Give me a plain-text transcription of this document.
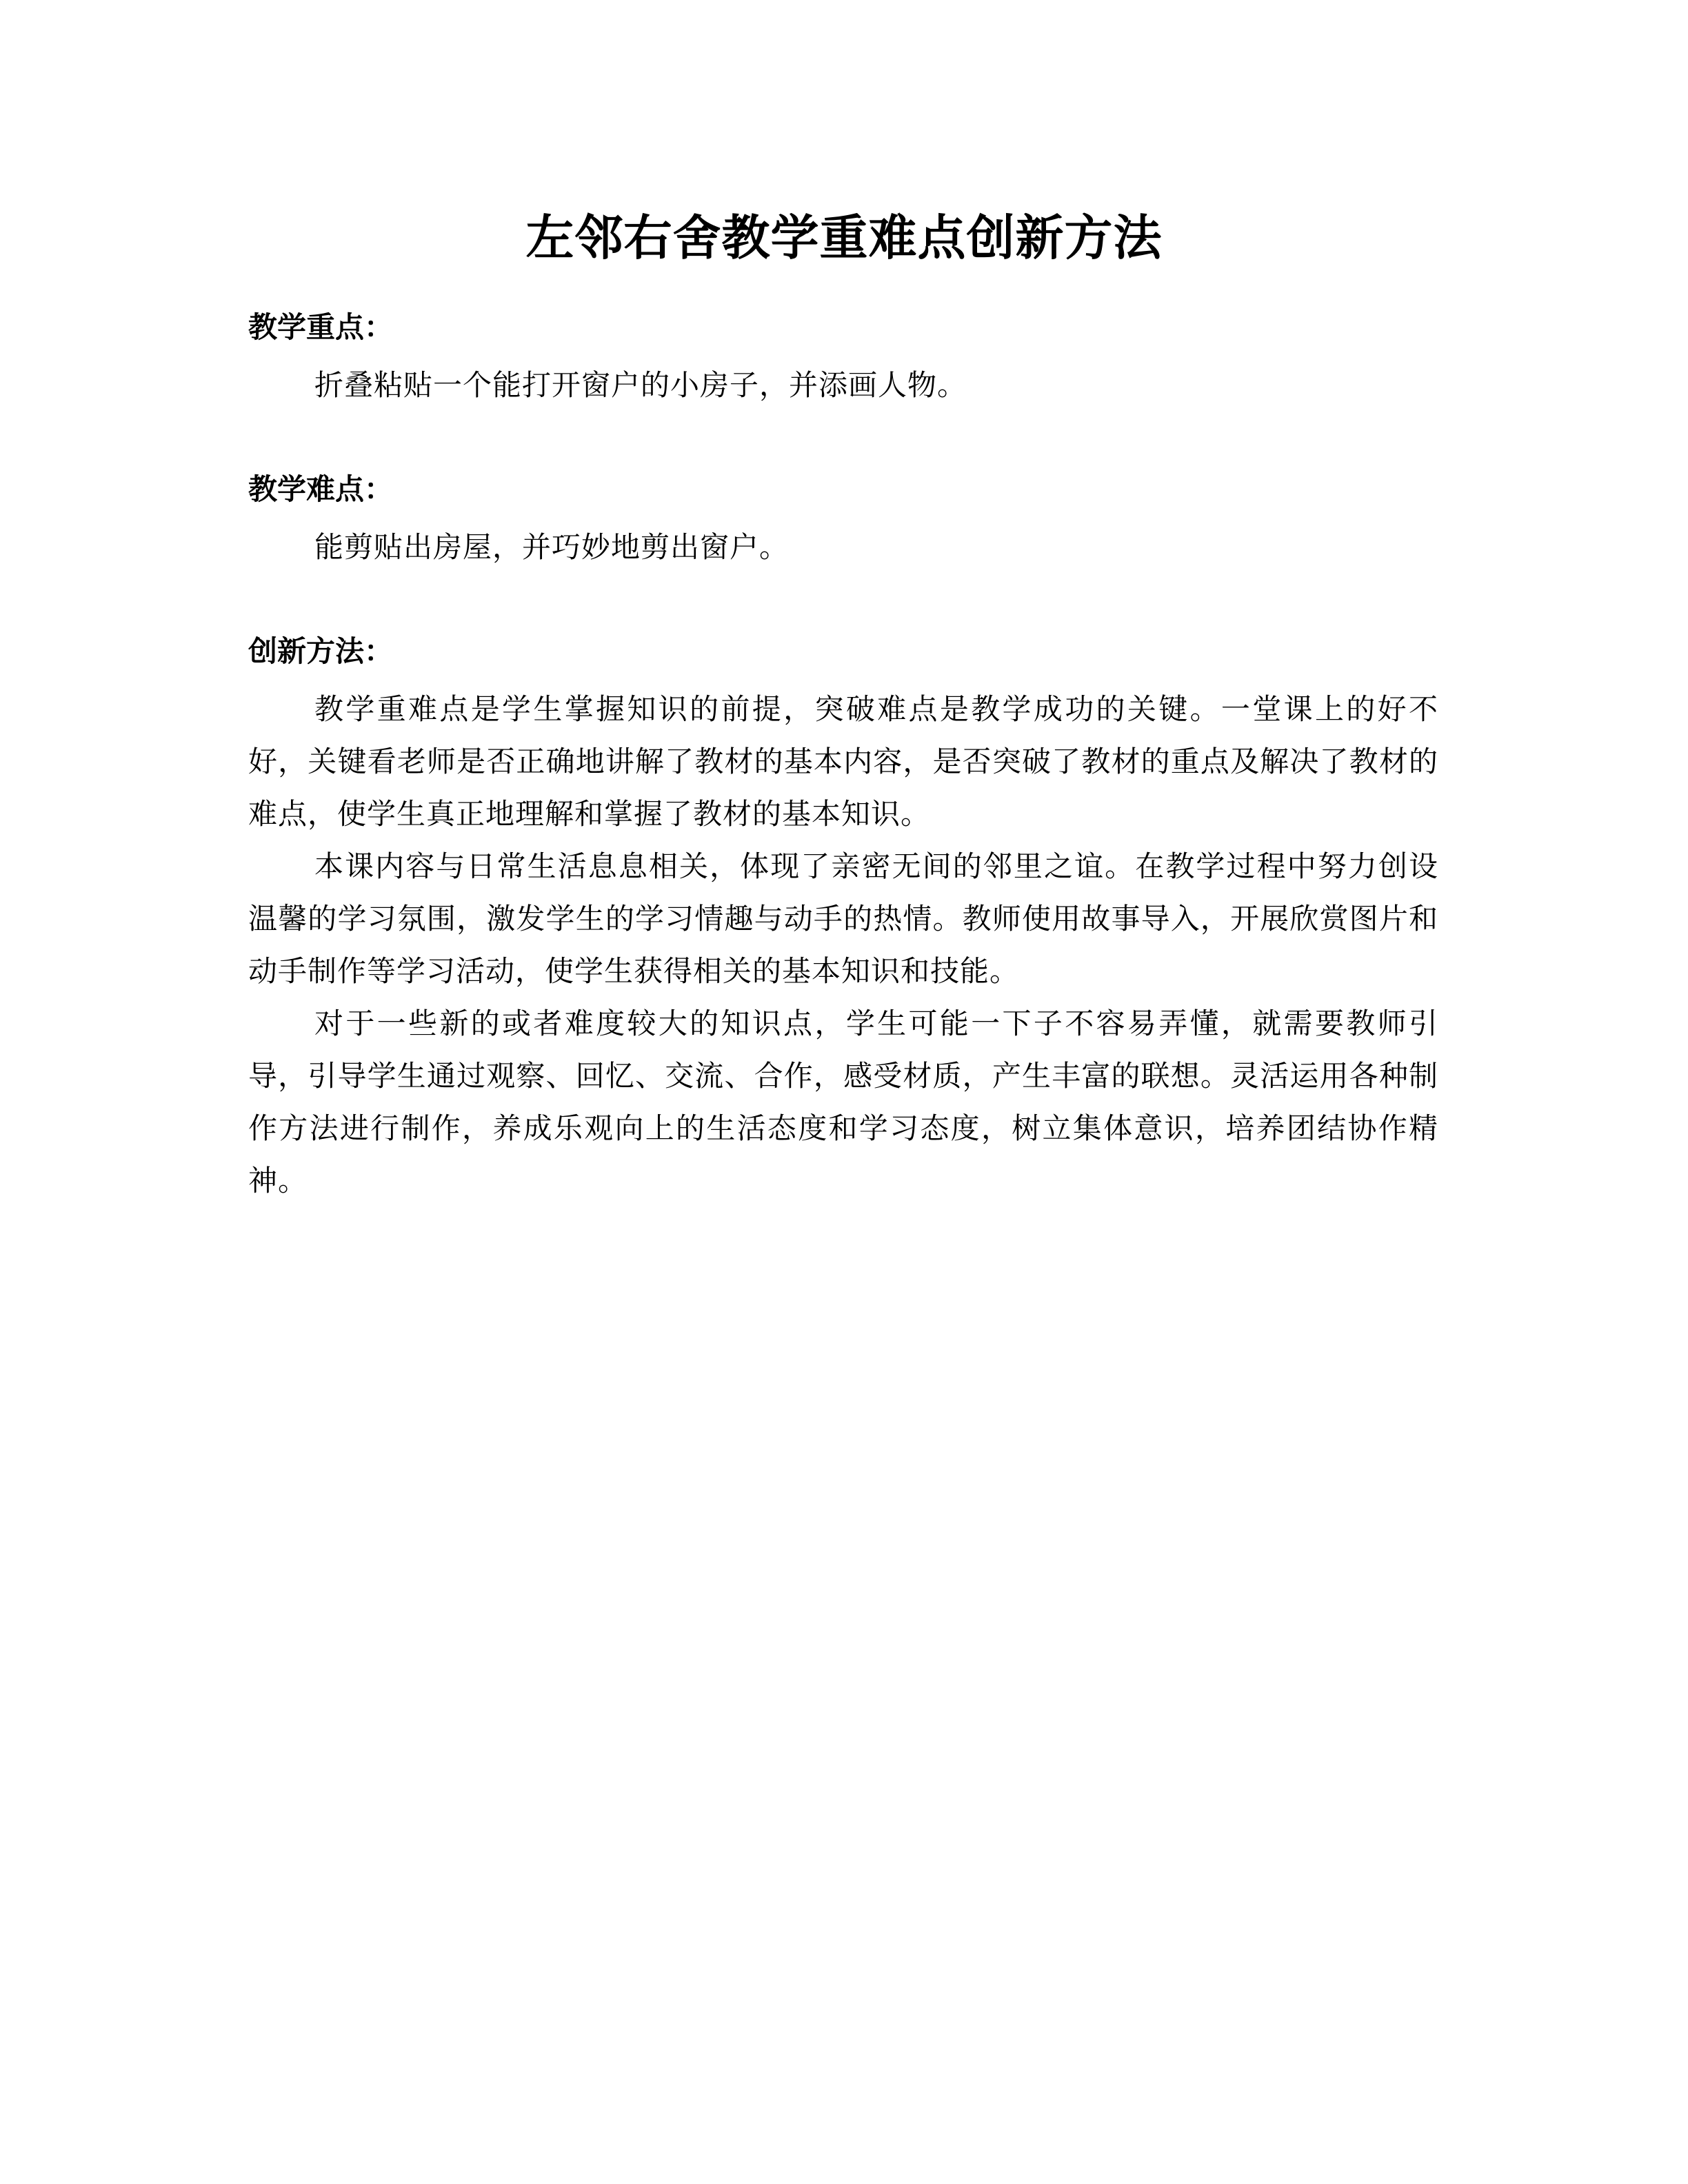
左邻右舍教学重难点创新方法

教学重点：

折叠粘贴一个能打开窗户的小房子，并添画人物。

教学难点：

能剪贴出房屋，并巧妙地剪出窗户。

创新方法：

教学重难点是学生掌握知识的前提，突破难点是教学成功的关键。一堂课上的好不好，关键看老师是否正确地讲解了教材的基本内容，是否突破了教材的重点及解决了教材的难点，使学生真正地理解和掌握了教材的基本知识。

本课内容与日常生活息息相关，体现了亲密无间的邻里之谊。在教学过程中努力创设温馨的学习氛围，激发学生的学习情趣与动手的热情。教师使用故事导入，开展欣赏图片和动手制作等学习活动，使学生获得相关的基本知识和技能。

对于一些新的或者难度较大的知识点，学生可能一下子不容易弄懂，就需要教师引导，引导学生通过观察、回忆、交流、合作，感受材质，产生丰富的联想。灵活运用各种制作方法进行制作，养成乐观向上的生活态度和学习态度，树立集体意识，培养团结协作精神。
